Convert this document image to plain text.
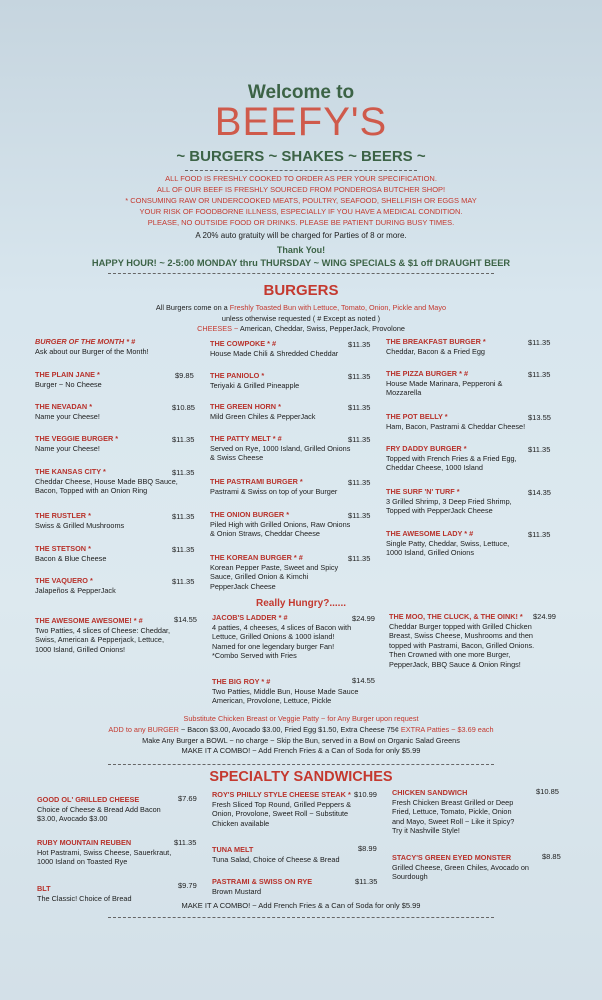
Welcome to
BEEFY'S
~ BURGERS ~ SHAKES ~ BEERS ~
ALL FOOD IS FRESHLY COOKED TO ORDER AS PER YOUR SPECIFICATION.
ALL OF OUR BEEF IS FRESHLY SOURCED FROM PONDEROSA BUTCHER SHOP!
* CONSUMING RAW OR UNDERCOOKED MEATS, POULTRY, SEAFOOD, SHELLFISH OR EGGS MAY
YOUR RISK OF FOODBORNE ILLNESS, ESPECIALLY IF YOU HAVE A MEDICAL CONDITION.
PLEASE, NO OUTSIDE FOOD OR DRINKS. PLEASE BE PATIENT DURING BUSY TIMES.
A 20% auto gratuity will be charged for Parties of 8 or more.
Thank You!
HAPPY HOUR! ~ 2-5:00 MONDAY thru THURSDAY ~ WING SPECIALS & $1 off DRAUGHT BEER
BURGERS
All Burgers come on a Freshly Toasted Bun with Lettuce, Tomato, Onion, Pickle and Mayo
unless otherwise requested ( # Except as noted )
CHEESES ~ American, Cheddar, Swiss, PepperJack, Provolone
BURGER OF THE MONTH * #
Ask about our Burger of the Month!
THE PLAIN JANE *
Burger ~ No Cheese
$9.85
THE NEVADAN *
Name your Cheese!
$10.85
THE VEGGIE BURGER *
Name your Cheese!
$11.35
THE KANSAS CITY *
Cheddar Cheese, House Made BBQ Sauce, Bacon, Topped with an Onion Ring
$11.35
THE RUSTLER *
Swiss & Grilled Mushrooms
$11.35
THE STETSON *
Bacon & Blue Cheese
$11.35
THE VAQUERO *
Jalapeños & PepperJack
$11.35
THE COWPOKE * #
House Made Chili & Shredded Cheddar
$11.35
THE PANIOLO *
Teriyaki & Grilled Pineapple
$11.35
THE GREEN HORN *
Mild Green Chiles & PepperJack
$11.35
THE PATTY MELT * #
Served on Rye, 1000 Island, Grilled Onions & Swiss Cheese
$11.35
THE PASTRAMI BURGER *
Pastrami & Swiss on top of your Burger
$11.35
THE ONION BURGER *
Piled High with Grilled Onions, Raw Onions & Onion Straws, Cheddar Cheese
$11.35
THE KOREAN BURGER * #
Korean Pepper Paste, Sweet and Spicy Sauce, Grilled Onion & Kimchi PepperJack Cheese
$11.35
THE BREAKFAST BURGER *
Cheddar, Bacon & a Fried Egg
$11.35
THE PIZZA BURGER * #
House Made Marinara, Pepperoni & Mozzarella
$11.35
THE POT BELLY *
Ham, Bacon, Pastrami & Cheddar Cheese!
$13.55
FRY DADDY BURGER *
Topped with French Fries & a Fried Egg, Cheddar Cheese, 1000 Island
$11.35
THE SURF 'N' TURF *
3 Grilled Shrimp, 3 Deep Fried Shrimp, Topped with PepperJack Cheese
$14.35
THE AWESOME LADY * #
Single Patty, Cheddar, Swiss, Lettuce, 1000 Island, Grilled Onions
$11.35
Really Hungry?......
THE AWESOME AWESOME! * #
Two Patties, 4 slices of Cheese: Cheddar, Swiss, American & Pepperjack, Lettuce, 1000 Island, Grilled Onions!
$14.55 JACOB'S LADDER * #
4 patties, 4 cheeses, 4 slices of Bacon with Lettuce, Grilled Onions & 1000 island! Named for one legendary burger Fan! *Combo Served with Fries
$24.99
THE BIG ROY * #
Two Patties, Middle Bun, House Made Sauce American, Provolone, Lettuce, Pickle
$14.55
THE MOO, THE CLUCK, & THE OINK! *
Cheddar Burger topped with Grilled Chicken Breast, Swiss Cheese, Mushrooms and then topped with Pastrami, Bacon, Grilled Onions. Then Crowned with one more Burger, PepperJack, BBQ Sauce & Onion Rings!
$24.99
Substitute Chicken Breast or Veggie Patty ~ for Any Burger upon request
ADD to any BURGER ~ Bacon $3.00, Avocado $3.00, Fried Egg $1.50, Extra Cheese 75¢ EXTRA Patties ~ $3.69 each
Make Any Burger a BOWL ~ no charge ~ Skip the Bun, served in a Bowl on Organic Salad Greens
MAKE IT A COMBO! ~ Add French Fries & a Can of Soda for only $5.99
SPECIALTY SANDWICHES
GOOD OL' GRILLED CHEESE
Choice of Cheese & Bread Add Bacon $3.00, Avocado $3.00
$7.69
RUBY MOUNTAIN REUBEN
Hot Pastrami, Swiss Cheese, Sauerkraut, 1000 Island on Toasted Rye
$11.35
BLT
The Classic! Choice of Bread
$9.79
ROY'S PHILLY STYLE CHEESE STEAK *
Fresh Sliced Top Round, Grilled Peppers & Onion, Provolone, Sweet Roll ~ Substitute Chicken available
$10.99
TUNA MELT
Tuna Salad, Choice of Cheese & Bread
$8.99
PASTRAMI & SWISS ON RYE
Brown Mustard
$11.35
CHICKEN SANDWICH
Fresh Chicken Breast Grilled or Deep Fried, Lettuce, Tomato, Pickle, Onion and Mayo, Sweet Roll ~ Like it Spicy? Try it Nashville Style!
$10.85
STACY'S GREEN EYED MONSTER
Grilled Cheese, Green Chiles, Avocado on Sourdough
$8.85
MAKE IT A COMBO! ~ Add French Fries & a Can of Soda for only $5.99
